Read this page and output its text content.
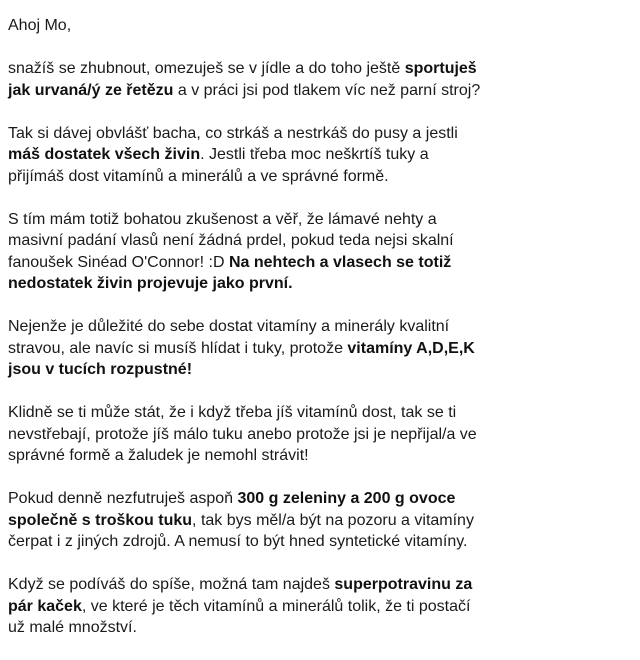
Ahoj Mo,

snažíš se zhubnout, omezuješ se v jídle a do toho ještě sportuješ jak urvaná/ý ze řetězu a v práci jsi pod tlakem víc než parní stroj?

Tak si dávej obvlášť bacha, co strkáš a nestrkáš do pusy a jestli máš dostatek všech živin. Jestli třeba moc neškrtíš tuky a přijímáš dost vitamínů a minerálů a ve správné formě.

S tím mám totiž bohatou zkušenost a věř, že lámavé nehty a masivní padání vlasů není žádná prdel, pokud teda nejsi skalní fanoušek Sinéad O'Connor! :D Na nehtech a vlasech se totiž nedostatek živin projevuje jako první.

Nejenže je důležité do sebe dostat vitamíny a minerály kvalitní stravou, ale navíc si musíš hlídat i tuky, protože vitamíny A,D,E,K jsou v tucích rozpustné!

Klidně se ti může stát, že i když třeba jíš vitamínů dost, tak se ti nevstřebají, protože jíš málo tuku anebo protože jsi je nepřijal/a ve správné formě a žaludek je nemohl strávit!

Pokud denně nezfutruješ aspoň 300 g zeleniny a 200 g ovoce společně s troškou tuku, tak bys měl/a být na pozoru a vitamíny čerpat i z jiných zdrojů. A nemusí to být hned syntetické vitamíny.

Když se podíváš do spíše, možná tam najdeš superpotravinu za pár kaček, ve které je těch vitamínů a minerálů tolik, že ti postačí už malé množství.
